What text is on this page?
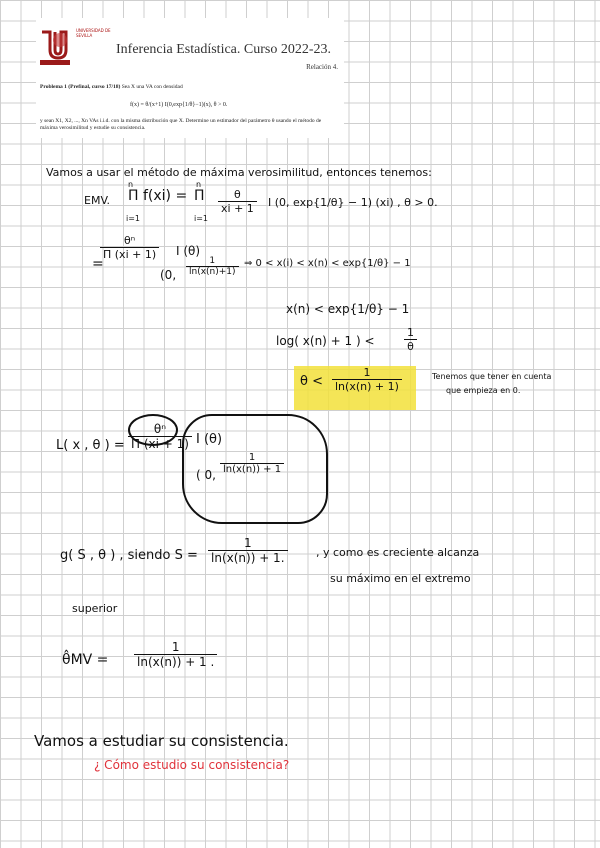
UNIVERSIDAD DE SEVILLA
Inferencia Estadística. Curso 2022-23.
Relación 4.
Problema 1 (Prefinal, curso 17/18) Sea X una VA con densidad
f(x) = θ/(x+1) I(0,exp{1/θ}−1)(x), θ > 0.
y sean X1, X2, ..., Xn VAs i.i.d. con la misma distribución que X. Determine un estimador del parámetro θ usando el método de máxima verosimilitud y estudie su consistencia.
Vamos a usar el método de máxima verosimilitud, entonces tenemos:
EMV. Π f(xi) =
n
i=1
n
i=1
Π $\frac{\theta}{xi + 1}$ I (0, exp{1/θ} − 1) (xi) , θ > 0.
=
$\frac{\text{θⁿ}}{\Pi (xi + 1)}$ I (θ)
(0, $\frac{1}{\ln(x(n)+1)}$ ⇒ 0 < x(i) < x(n) < exp{1/θ} − 1
x(n) < exp{1/θ} − 1
log( x(n) + 1 ) <	$\frac{1}{\theta}$
$\theta < \frac{1}{\ln(x(n) + 1)}$	Tenemos que tener en cuenta
que empieza en 0.
L( x , θ ) = $\frac{\text{θⁿ}}{\Pi (xi + 1)}$ I (θ)
( 0, $\frac{1}{\ln(x(n)) + 1}$
g( S , θ ) , siendo $S = \frac{1}{\ln(x(n)) + 1.}$	, y como es creciente alcanza
su máximo en el extremo
superior
θ̂MV = $\frac{1}{\ln(x(n)) + 1 .}$
Vamos a estudiar su consistencia.
¿ Cómo estudio su consistencia?
